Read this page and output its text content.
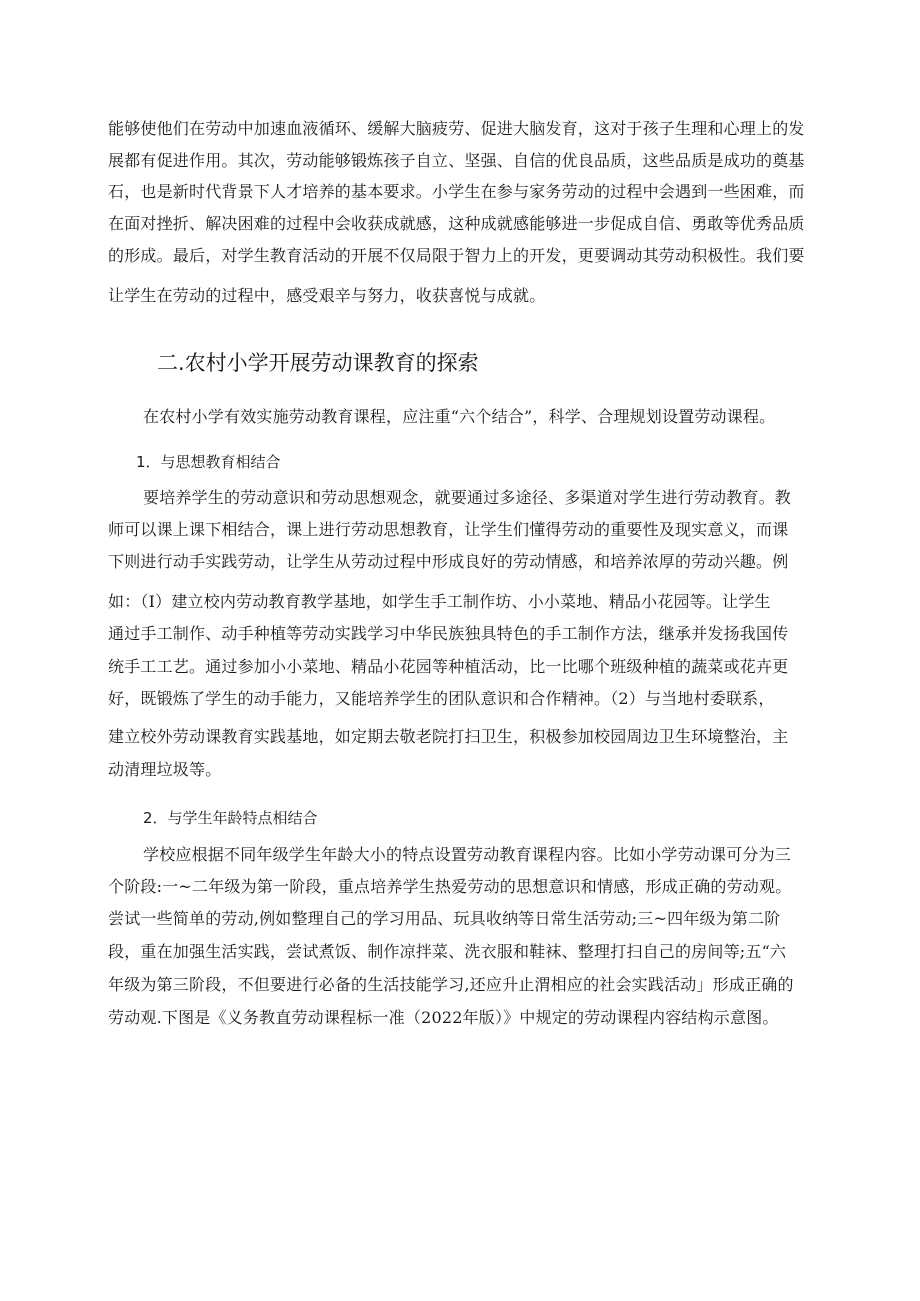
能够使他们在劳动中加速血液循环、缓解大脑疲劳、促进大脑发育，这对于孩子生理和心理上的发
展都有促进作用。其次，劳动能够锻炼孩子自立、坚强、自信的优良品质，这些品质是成功的奠基
石，也是新时代背景下人才培养的基本要求。小学生在参与家务劳动的过程中会遇到一些困难，而
在面对挫折、解决困难的过程中会收获成就感，这种成就感能够进一步促成自信、勇敢等优秀品质
的形成。最后，对学生教育活动的开展不仅局限于智力上的开发，更要调动其劳动积极性。我们要
让学生在劳动的过程中，感受艰辛与努力，收获喜悦与成就。
二.农村小学开展劳动课教育的探索
在农村小学有效实施劳动教育课程，应注重“六个结合”，科学、合理规划设置劳动课程。
1．与思想教育相结合
要培养学生的劳动意识和劳动思想观念，就要通过多途径、多渠道对学生进行劳动教育。教
师可以课上课下相结合，课上进行劳动思想教育，让学生们懂得劳动的重要性及现实意义，而课
下则进行动手实践劳动，让学生从劳动过程中形成良好的劳动情感，和培养浓厚的劳动兴趣。例
如：（I）建立校内劳动教育教学基地，如学生手工制作坊、小小菜地、精品小花园等。让学生
通过手工制作、动手种植等劳动实践学习中华民族独具特色的手工制作方法，继承并发扬我国传
统手工工艺。通过参加小小菜地、精品小花园等种植活动，比一比哪个班级种植的蔬菜或花卉更
好，既锻炼了学生的动手能力，又能培养学生的团队意识和合作精神。（2）与当地村委联系，
建立校外劳动课教育实践基地，如定期去敬老院打扫卫生，积极参加校园周边卫生环境整治，主
动清理垃圾等。
2．与学生年龄特点相结合
学校应根据不同年级学生年龄大小的特点设置劳动教育课程内容。比如小学劳动课可分为三
个阶段:一~二年级为第一阶段，重点培养学生热爱劳动的思想意识和情感，形成正确的劳动观。
尝试一些简单的劳动,例如整理自己的学习用品、玩具收纳等日常生活劳动;三~四年级为第二阶
段，重在加强生活实践，尝试煮饭、制作凉拌菜、洗衣服和鞋袜、整理打扫自己的房间等;五“六
年级为第三阶段，不但要进行必备的生活技能学习,还应升止渭相应的社会实践活动」形成正确的
劳动观.下图是《义务教直劳动课程标一准（2022年版）》中规定的劳动课程内容结构示意图。
